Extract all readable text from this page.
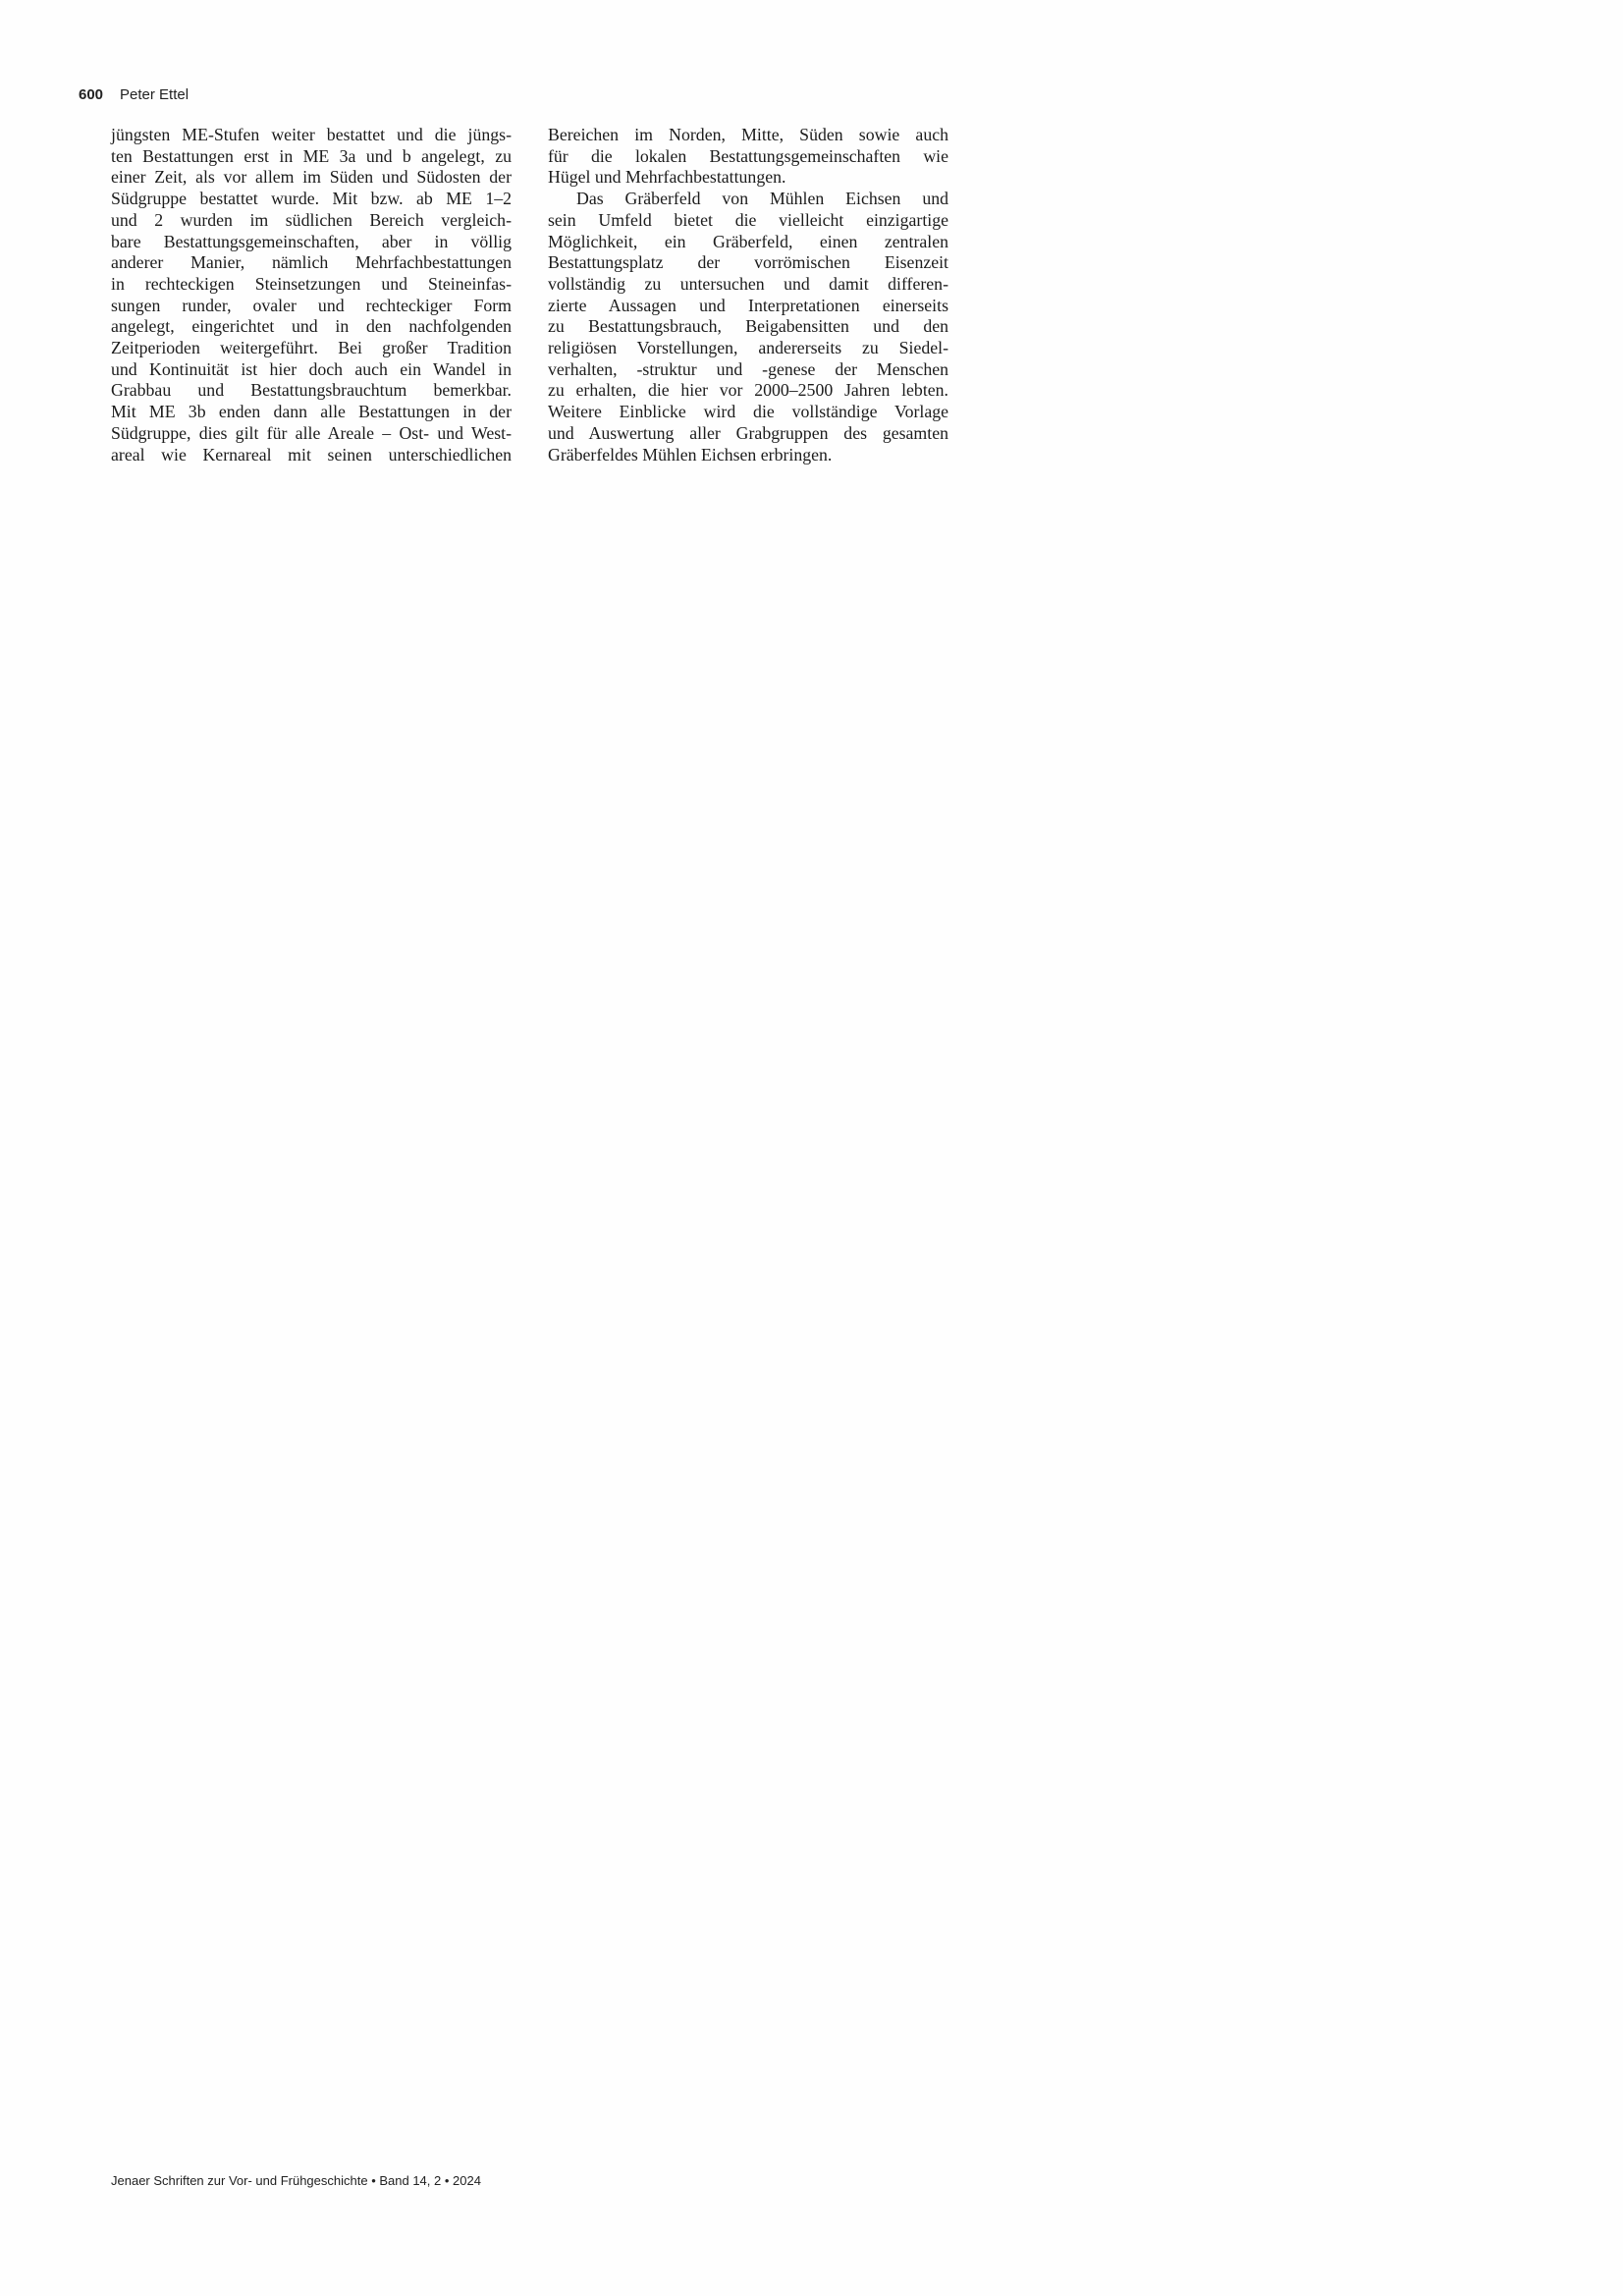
600 Peter Ettel
jüngsten ME-Stufen weiter bestattet und die jüngs-
ten Bestattungen erst in ME 3a und b angelegt, zu
einer Zeit, als vor allem im Süden und Südosten der
Südgruppe bestattet wurde. Mit bzw. ab ME 1–2
und 2 wurden im südlichen Bereich vergleich-
bare Bestattungsgemeinschaften, aber in völlig
anderer Manier, nämlich Mehrfachbestattungen
in rechteckigen Steinsetzungen und Steineinfas-
sungen runder, ovaler und rechteckiger Form
angelegt, eingerichtet und in den nachfolgenden
Zeitperioden weitergeführt. Bei großer Tradition
und Kontinuität ist hier doch auch ein Wandel in
Grabbau und Bestattungsbrauchtum bemerkbar.
Mit ME 3b enden dann alle Bestattungen in der
Südgruppe, dies gilt für alle Areale – Ost- und West-
areal wie Kernareal mit seinen unterschiedlichen
Bereichen im Norden, Mitte, Süden sowie auch
für die lokalen Bestattungsgemeinschaften wie
Hügel und Mehrfachbestattungen.
Das Gräberfeld von Mühlen Eichsen und
sein Umfeld bietet die vielleicht einzigartige
Möglichkeit, ein Gräberfeld, einen zentralen
Bestattungsplatz der vorrömischen Eisenzeit
vollständig zu untersuchen und damit differen-
zierte Aussagen und Interpretationen einerseits
zu Bestattungsbrauch, Beigabensitten und den
religiösen Vorstellungen, andererseits zu Siedel-
verhalten, -struktur und -genese der Menschen
zu erhalten, die hier vor 2000–2500 Jahren lebten.
Weitere Einblicke wird die vollständige Vorlage
und Auswertung aller Grabgruppen des gesamten
Gräberfeldes Mühlen Eichsen erbringen.
Jenaer Schriften zur Vor- und Frühgeschichte • Band 14, 2 • 2024
